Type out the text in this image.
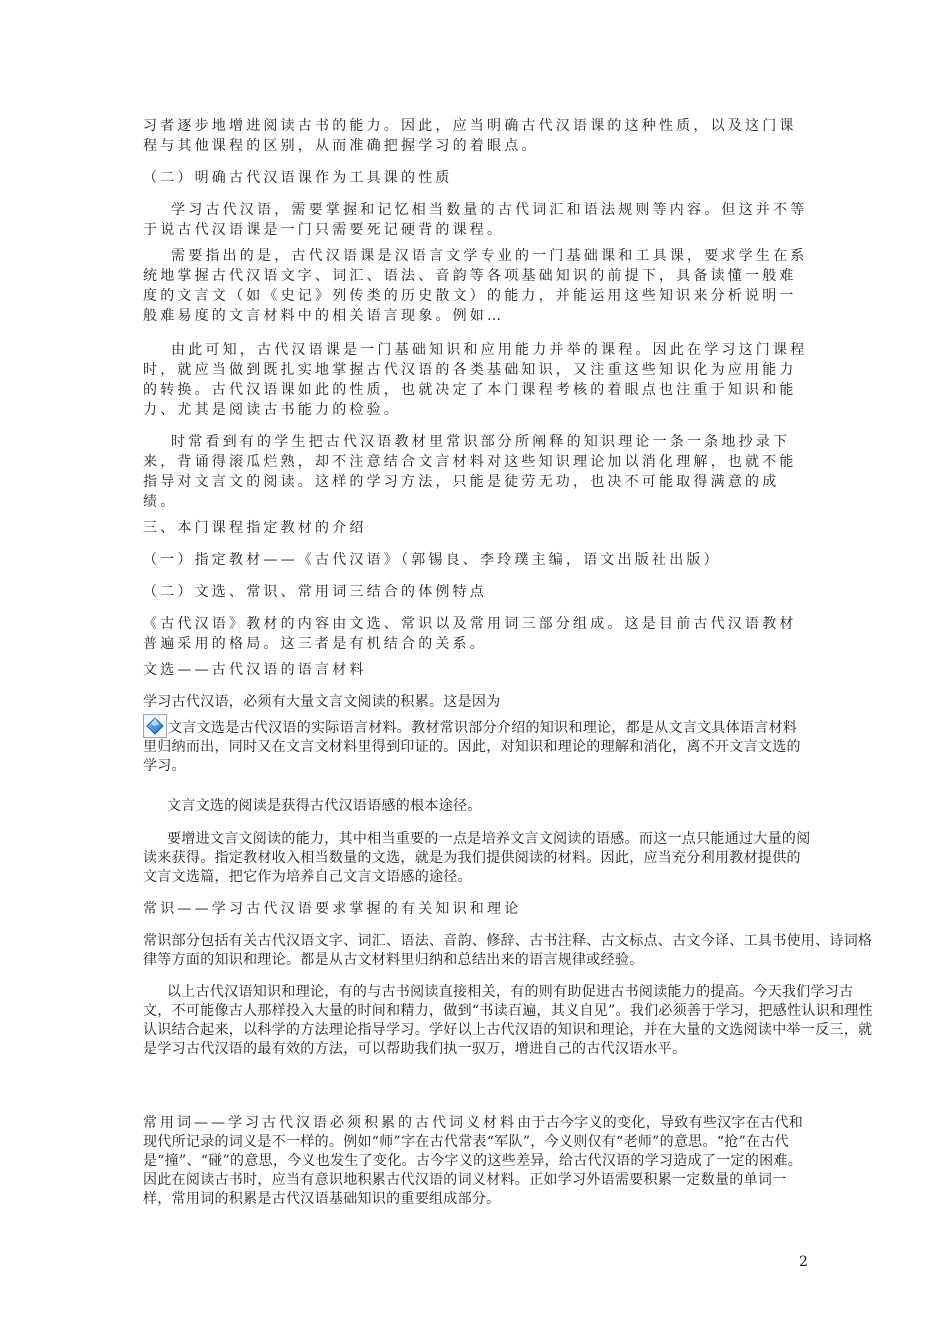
习者逐步地增进阅读古书的能力。因此，应当明确古代汉语课的这种性质，以及这门课程与其他课程的区别，从而准确把握学习的着眼点。

（二）明确古代汉语课作为工具课的性质

学习古代汉语，需要掌握和记忆相当数量的古代词汇和语法规则等内容。但这并不等于说古代汉语课是一门只需要死记硬背的课程。

需要指出的是，古代汉语课是汉语言文学专业的一门基础课和工具课，要求学生在系统地掌握古代汉语文字、词汇、语法、音韵等各项基础知识的前提下，具备读懂一般难度的文言文（如《史记》列传类的历史散文）的能力，并能运用这些知识来分析说明一般难易度的文言材料中的相关语言现象。例如…

由此可知，古代汉语课是一门基础知识和应用能力并举的课程。因此在学习这门课程时，就应当做到既扎实地掌握古代汉语的各类基础知识，又注重这些知识化为应用能力的转换。古代汉语课如此的性质，也就决定了本门课程考核的着眼点也注重于知识和能力、尤其是阅读古书能力的检验。

时常看到有的学生把古代汉语教材里常识部分所阐释的知识理论一条一条地抄录下来，背诵得滚瓜烂熟，却不注意结合文言材料对这些知识理论加以消化理解，也就不能指导对文言文的阅读。这样的学习方法，只能是徒劳无功，也决不可能取得满意的成绩。

三、本门课程指定教材的介绍

（一）指定教材——《古代汉语》（郭锡良、李玲璞主编，语文出版社出版）

（二）文选、常识、常用词三结合的体例特点

《古代汉语》教材的内容由文选、常识以及常用词三部分组成。这是目前古代汉语教材普遍采用的格局。这三者是有机结合的关系。

文选——古代汉语的语言材料

学习古代汉语，必须有大量文言文阅读的积累。这是因为

文言文选是古代汉语的实际语言材料。教材常识部分介绍的知识和理论，都是从文言文具体语言材料里归纳而出，同时又在文言文材料里得到印证的。因此，对知识和理论的理解和消化，离不开文言文选的学习。

文言文选的阅读是获得古代汉语语感的根本途径。

要增进文言文阅读的能力，其中相当重要的一点是培养文言文阅读的语感。而这一点只能通过大量的阅读来获得。指定教材收入相当数量的文选，就是为我们提供阅读的材料。因此，应当充分利用教材提供的文言文选篇，把它作为培养自己文言文语感的途径。

常识——学习古代汉语要求掌握的有关知识和理论

常识部分包括有关古代汉语文字、词汇、语法、音韵、修辞、古书注释、古文标点、古文今译、工具书使用、诗词格律等方面的知识和理论。都是从古文材料里归纳和总结出来的语言规律或经验。

以上古代汉语知识和理论，有的与古书阅读直接相关，有的则有助促进古书阅读能力的提高。今天我们学习古文，不可能像古人那样投入大量的时间和精力，做到“书读百遍，其义自见”。我们必须善于学习，把感性认识和理性认识结合起来，以科学的方法理论指导学习。学好以上古代汉语的知识和理论，并在大量的文选阅读中举一反三，就是学习古代汉语的最有效的方法，可以帮助我们执一驭万，增进自己的古代汉语水平。

常用词——学习古代汉语必须积累的古代词义材料由于古今字义的变化，导致有些汉字在古代和现代所记录的词义是不一样的。例如“师”字在古代常表“军队”，今义则仅有“老师”的意思。“抢”在古代是“撞”、“碰”的意思，今义也发生了变化。古今字义的这些差异，给古代汉语的学习造成了一定的困难。因此在阅读古书时，应当有意识地积累古代汉语的词义材料。正如学习外语需要积累一定数量的单词一样，常用词的积累是古代汉语基础知识的重要组成部分。

2
